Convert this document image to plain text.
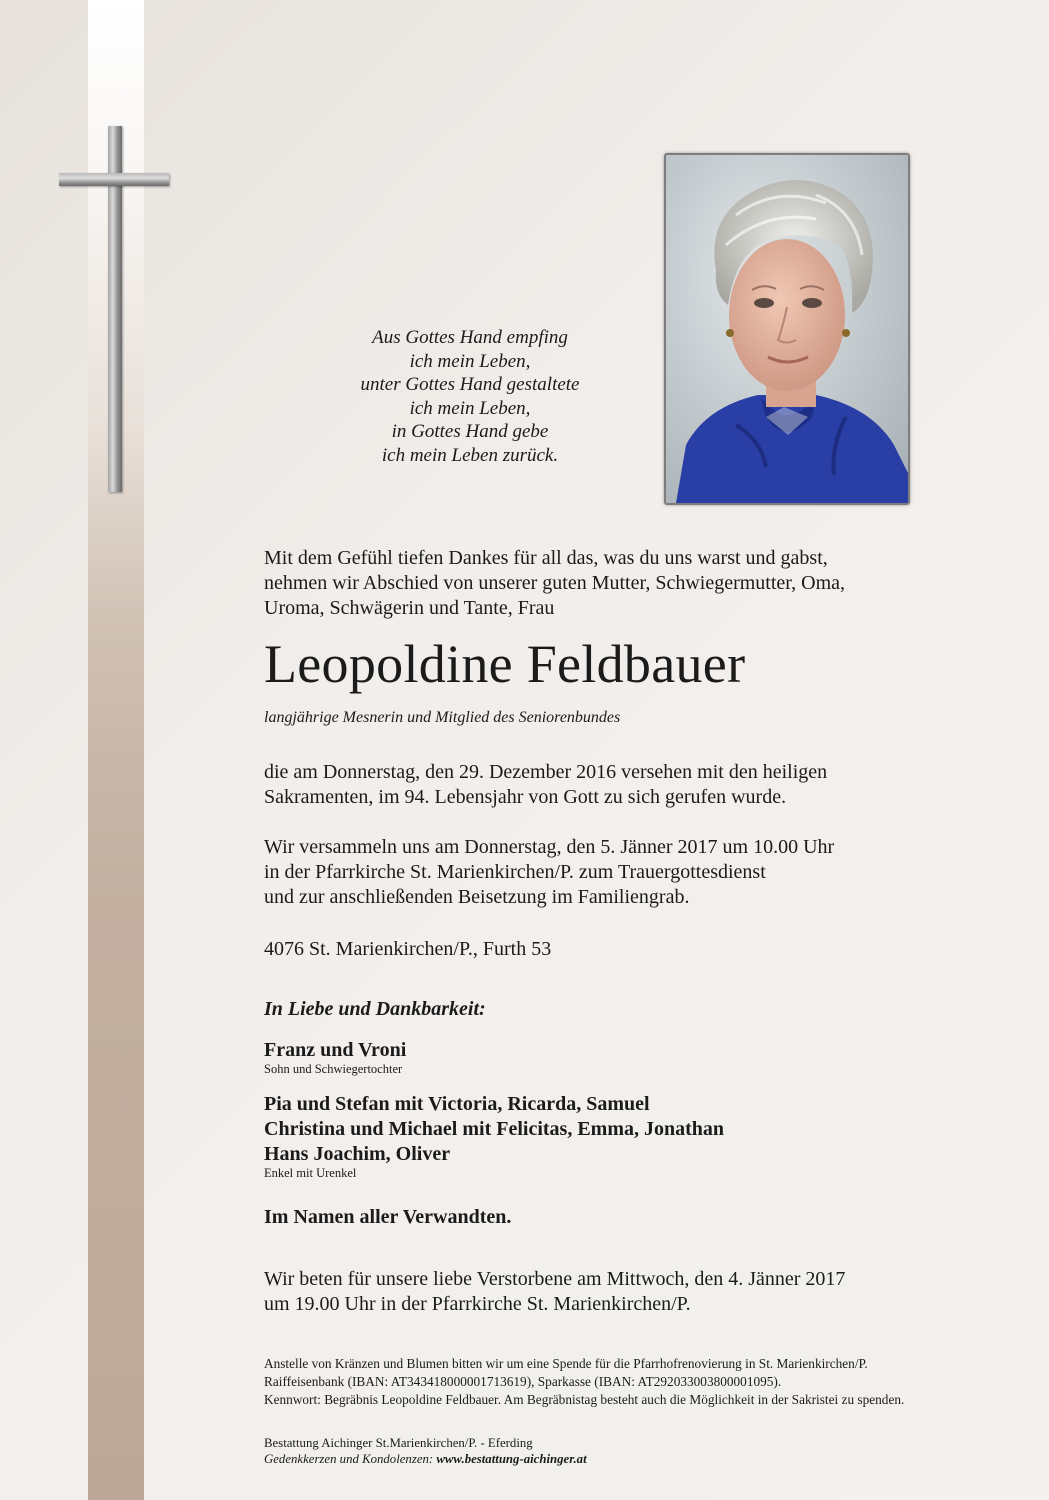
Aus Gottes Hand empfing
ich mein Leben,
unter Gottes Hand gestaltete
ich mein Leben,
in Gottes Hand gebe
ich mein Leben zurück.
Mit dem Gefühl tiefen Dankes für all das, was du uns warst und gabst,
nehmen wir Abschied von unserer guten Mutter, Schwiegermutter, Oma,
Uroma, Schwägerin und Tante, Frau
Leopoldine Feldbauer
langjährige Mesnerin und Mitglied des Seniorenbundes
die am Donnerstag, den 29. Dezember 2016 versehen mit den heiligen
Sakramenten, im 94. Lebensjahr von Gott zu sich gerufen wurde.
Wir versammeln uns am Donnerstag, den 5. Jänner 2017 um 10.00 Uhr
in der Pfarrkirche St. Marienkirchen/P. zum Trauergottesdienst
und zur anschließenden Beisetzung im Familiengrab.
4076 St. Marienkirchen/P., Furth 53
In Liebe und Dankbarkeit:
Franz und Vroni
Sohn und Schwiegertochter
Pia und Stefan mit Victoria, Ricarda, Samuel
Christina und Michael mit Felicitas, Emma, Jonathan
Hans Joachim, Oliver
Enkel mit Urenkel
Im Namen aller Verwandten.
Wir beten für unsere liebe Verstorbene am Mittwoch, den 4. Jänner 2017
um 19.00 Uhr in der Pfarrkirche St. Marienkirchen/P.
Anstelle von Kränzen und Blumen bitten wir um eine Spende für die Pfarrhofrenovierung in St. Marienkirchen/P.
Raiffeisenbank (IBAN: AT343418000001713619), Sparkasse (IBAN: AT292033003800001095).
Kennwort: Begräbnis Leopoldine Feldbauer. Am Begräbnistag besteht auch die Möglichkeit in der Sakristei zu spenden.
Bestattung Aichinger St.Marienkirchen/P. - Eferding
Gedenkkerzen und Kondolenzen: www.bestattung-aichinger.at
